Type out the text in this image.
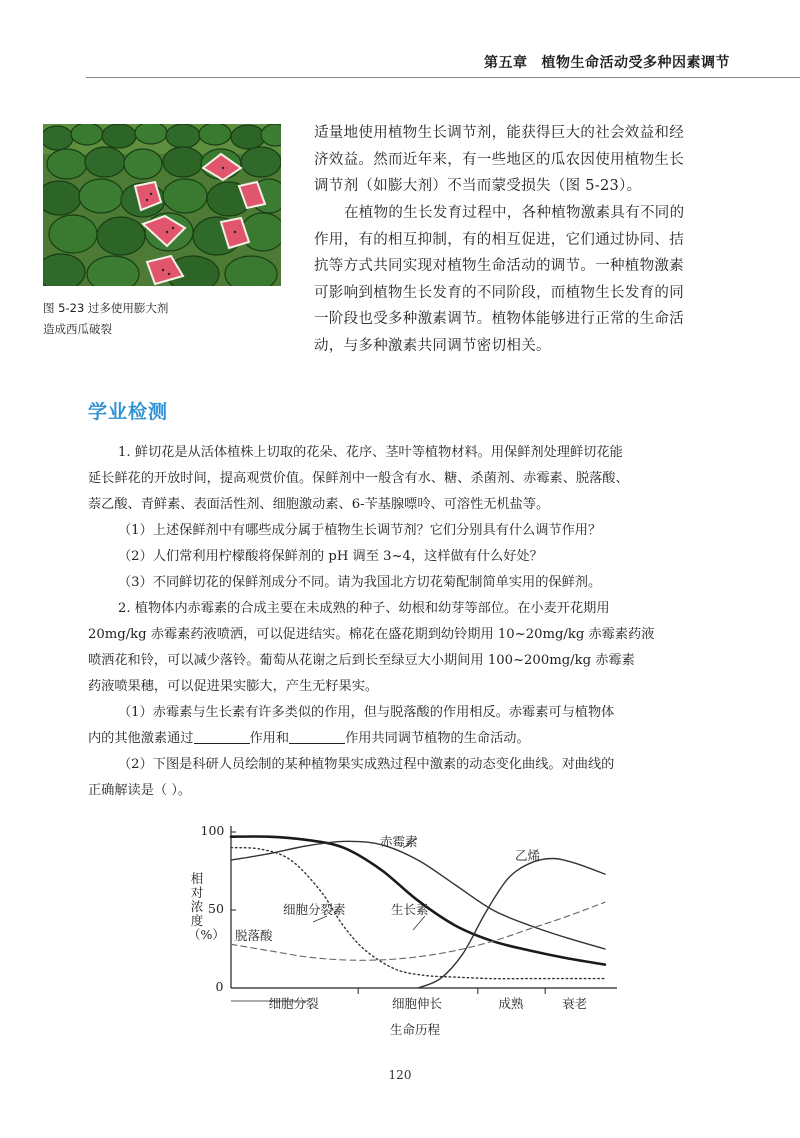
第五章 植物生命活动受多种因素调节
图 5-23 过多使用膨大剂
造成西瓜破裂
适量地使用植物生长调节剂，能获得巨大的社会效益和经
济效益。然而近年来，有一些地区的瓜农因使用植物生长
调节剂（如膨大剂）不当而蒙受损失（图 5-23）。
在植物的生长发育过程中，各种植物激素具有不同的
作用，有的相互抑制，有的相互促进，它们通过协同、拮
抗等方式共同实现对植物生命活动的调节。一种植物激素
可影响到植物生长发育的不同阶段，而植物生长发育的同
一阶段也受多种激素调节。植物体能够进行正常的生命活
动，与多种激素共同调节密切相关。
学业检测
1. 鲜切花是从活体植株上切取的花朵、花序、茎叶等植物材料。用保鲜剂处理鲜切花能
延长鲜花的开放时间，提高观赏价值。保鲜剂中一般含有水、糖、杀菌剂、赤霉素、脱落酸、
萘乙酸、青鲜素、表面活性剂、细胞激动素、6-苄基腺嘌呤、可溶性无机盐等。
（1）上述保鲜剂中有哪些成分属于植物生长调节剂？它们分别具有什么调节作用？
（2）人们常利用柠檬酸将保鲜剂的 pH 调至 3~4，这样做有什么好处？
（3）不同鲜切花的保鲜剂成分不同。请为我国北方切花菊配制简单实用的保鲜剂。
2. 植物体内赤霉素的合成主要在未成熟的种子、幼根和幼芽等部位。在小麦开花期用
20mg/kg 赤霉素药液喷洒，可以促进结实。棉花在盛花期到幼铃期用 10~20mg/kg 赤霉素药液
喷洒花和铃，可以减少落铃。葡萄从花谢之后到长至绿豆大小期间用 100~200mg/kg 赤霉素
药液喷果穗，可以促进果实膨大，产生无籽果实。
（1）赤霉素与生长素有许多类似的作用，但与脱落酸的作用相反。赤霉素可与植物体
内的其他激素通过	作用和	作用共同调节植物的生命活动。
（2）下图是科研人员绘制的某种植物果实成熟过程中激素的动态变化曲线。对曲线的
正确解读是（ ）。
相对浓度（%）
0
50
100
细胞分裂	细胞伸长	成熟	衰老
生命历程
细胞分裂素	生长素
赤霉素
脱落酸
乙烯
120
